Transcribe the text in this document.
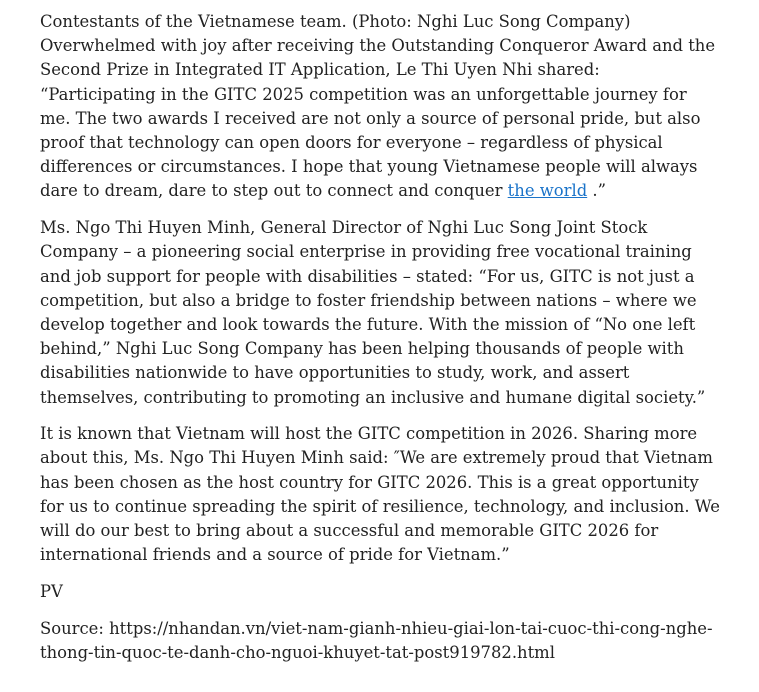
Contestants of the Vietnamese team. (Photo: Nghi Luc Song Company)

Overwhelmed with joy after receiving the Outstanding Conqueror Award and the Second Prize in Integrated IT Application, Le Thi Uyen Nhi shared: “Participating in the GITC 2025 competition was an unforgettable journey for me. The two awards I received are not only a source of personal pride, but also proof that technology can open doors for everyone – regardless of physical differences or circumstances. I hope that young Vietnamese people will always dare to dream, dare to step out to connect and conquer the world .”

Ms. Ngo Thi Huyen Minh, General Director of Nghi Luc Song Joint Stock Company – a pioneering social enterprise in providing free vocational training and job support for people with disabilities – stated: “For us, GITC is not just a competition, but also a bridge to foster friendship between nations – where we develop together and look towards the future. With the mission of “No one left behind,” Nghi Luc Song Company has been helping thousands of people with disabilities nationwide to have opportunities to study, work, and assert themselves, contributing to promoting an inclusive and humane digital society.”

It is known that Vietnam will host the GITC competition in 2026. Sharing more about this, Ms. Ngo Thi Huyen Minh said: ″We are extremely proud that Vietnam has been chosen as the host country for GITC 2026. This is a great opportunity for us to continue spreading the spirit of resilience, technology, and inclusion. We will do our best to bring about a successful and memorable GITC 2026 for international friends and a source of pride for Vietnam.”

PV

Source: https://nhandan.vn/viet-nam-gianh-nhieu-giai-lon-tai-cuoc-thi-cong-nghe-thong-tin-quoc-te-danh-cho-nguoi-khuyet-tat-post919782.html
